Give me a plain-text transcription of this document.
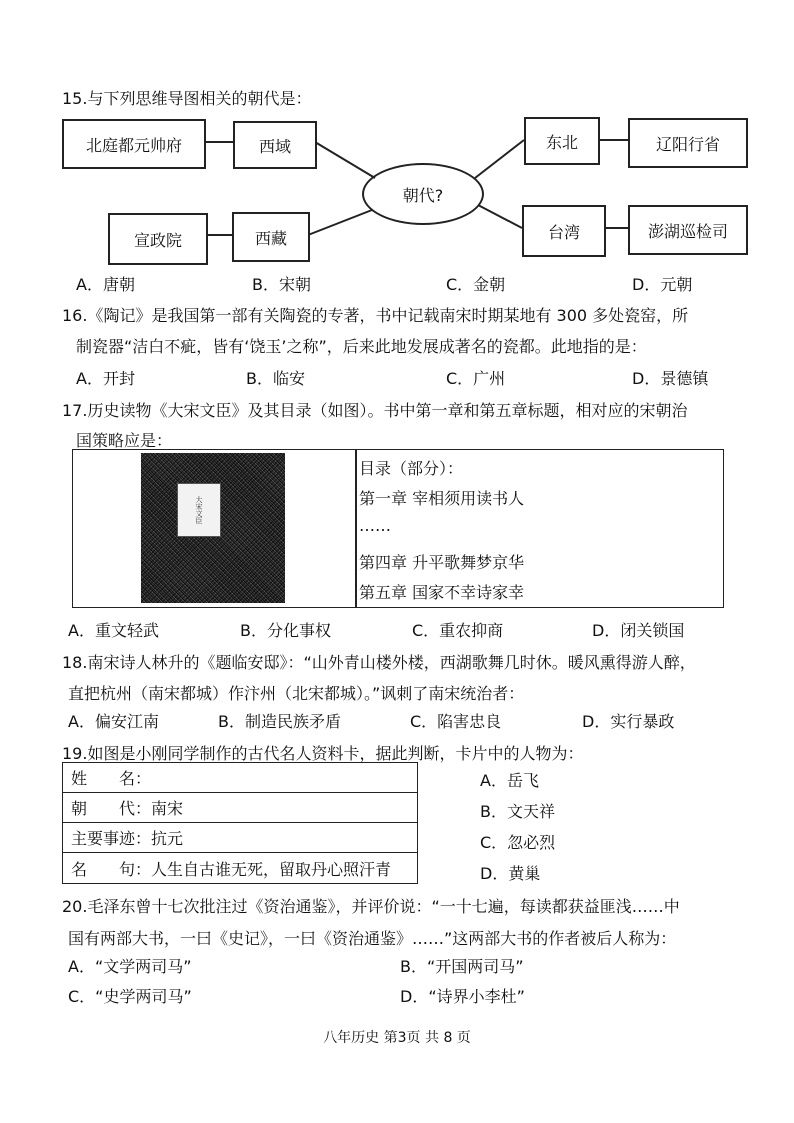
15.与下列思维导图相关的朝代是：
北庭都元帅府	西域
宣政院	西藏
朝代?
东北	辽阳行省
台湾	澎湖巡检司
A．唐朝	B．宋朝	C．金朝	D．元朝
16.《陶记》是我国第一部有关陶瓷的专著，书中记载南宋时期某地有 300 多处瓷窑，所
制瓷器“洁白不疵，皆有‘饶玉’之称”，后来此地发展成著名的瓷都。此地指的是：
A．开封	B．临安	C．广州	D．景德镇
17.历史读物《大宋文臣》及其目录（如图）。书中第一章和第五章标题，相对应的宋朝治
国策略应是：
大宋文臣
目录（部分）：
第一章 宰相须用读书人
……
第四章 升平歌舞梦京华
第五章 国家不幸诗家幸
A．重文轻武	B．分化事权	C．重农抑商	D．闭关锁国
18.南宋诗人林升的《题临安邸》：“山外青山楼外楼，西湖歌舞几时休。暖风熏得游人醉，
直把杭州（南宋都城）作汴州（北宋都城）。”讽刺了南宋统治者：
A．偏安江南	B．制造民族矛盾	C．陷害忠良	D．实行暴政
19.如图是小刚同学制作的古代名人资料卡，据此判断，卡片中的人物为：
姓　　名：
朝　　代：南宋
主要事迹：抗元
名　　句：人生自古谁无死，留取丹心照汗青
A．岳飞
B．文天祥
C．忽必烈
D．黄巢
20.毛泽东曾十七次批注过《资治通鉴》，并评价说：“一十七遍，每读都获益匪浅……中
国有两部大书，一曰《史记》，一曰《资治通鉴》……”这两部大书的作者被后人称为：
A．“文学两司马”	B．“开国两司马”
C．“史学两司马”	D．“诗界小李杜”
八年历史 第3页 共 8 页
